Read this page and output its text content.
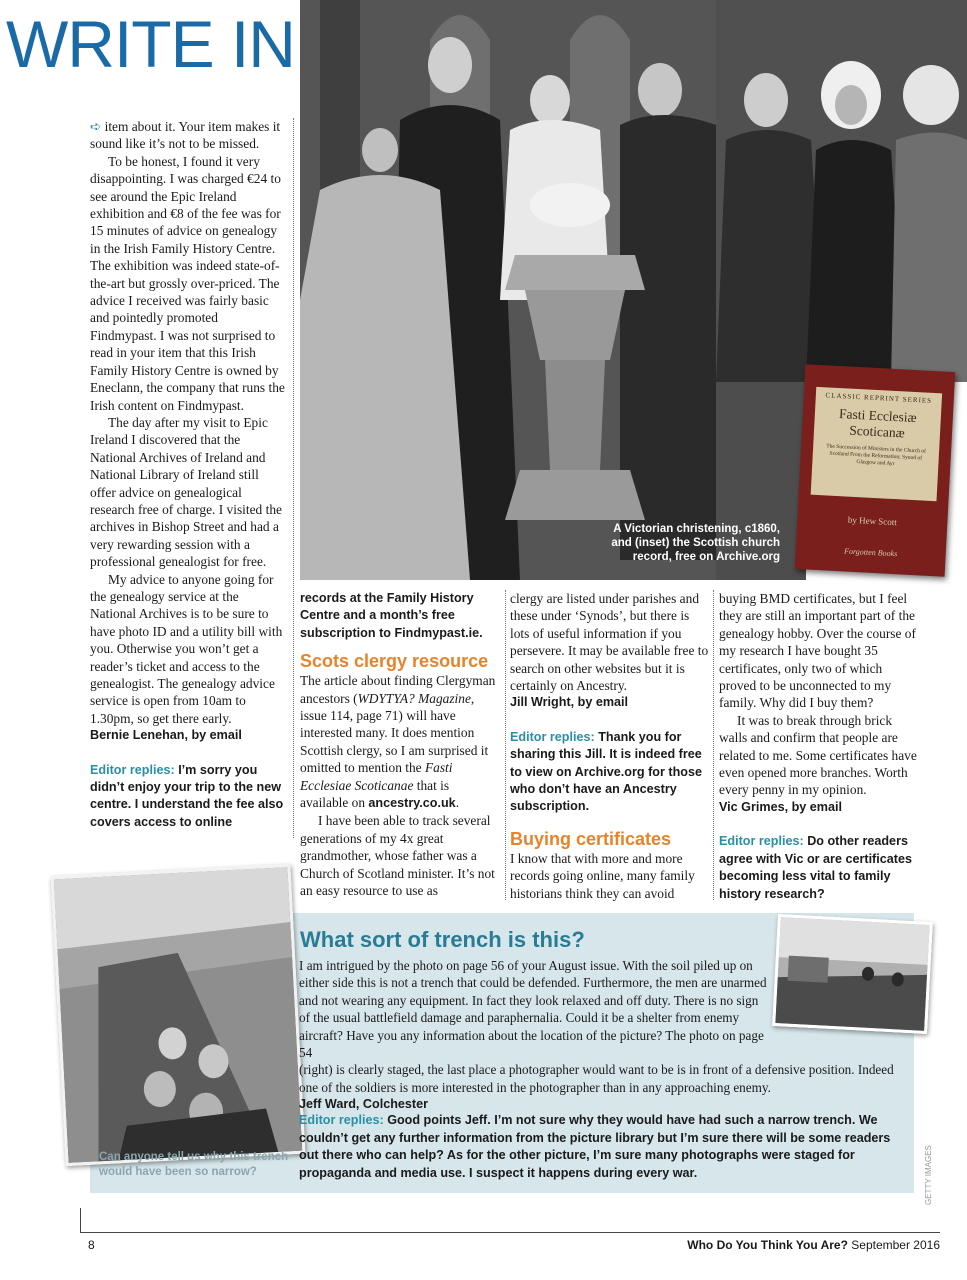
WRITE IN
A Victorian christening, c1860, and (inset) the Scottish church record, free on Archive.org
CLASSIC REPRINT SERIES
Fasti Ecclesiæ Scoticanæ
The Succession of Ministers in the Church of Scotland From the Reformation; Synod of Glasgow and Ayr
by Hew Scott
Forgotten Books

➪ item about it. Your item makes it sound like it’s not to be missed.

To be honest, I found it very disappointing. I was charged €24 to see around the Epic Ireland exhibition and €8 of the fee was for 15 minutes of advice on genealogy in the Irish Family History Centre. The exhibition was indeed state-of-the-art but grossly over-priced. The advice I received was fairly basic and pointedly promoted Findmypast. I was not surprised to read in your item that this Irish Family History Centre is owned by Eneclann, the company that runs the Irish content on Findmypast.

The day after my visit to Epic Ireland I discovered that the National Archives of Ireland and National Library of Ireland still offer advice on genealogical research free of charge. I visited the archives in Bishop Street and had a very rewarding session with a professional genealogist for free.

My advice to anyone going for the genealogy service at the National Archives is to be sure to have photo ID and a utility bill with you. Otherwise you won’t get a reader’s ticket and access to the genealogist. The genealogy advice service is open from 10am to 1.30pm, so get there early.

Bernie Lenehan, by email

Editor replies: I’m sorry you didn’t enjoy your trip to the new centre. I understand the fee also covers access to online

records at the Family History Centre and a month’s free subscription to Findmypast.ie.

Scots clergy resource

The article about finding Clergyman ancestors (WDYTYA? Magazine, issue 114, page 71) will have interested many. It does mention Scottish clergy, so I am surprised it omitted to mention the Fasti Ecclesiae Scoticanae that is available on ancestry.co.uk.

I have been able to track several generations of my 4x great grandmother, whose father was a Church of Scotland minister. It’s not an easy resource to use as

clergy are listed under parishes and these under ‘Synods’, but there is lots of useful information if you persevere. It may be available free to search on other websites but it is certainly on Ancestry.

Jill Wright, by email

Editor replies: Thank you for sharing this Jill. It is indeed free to view on Archive.org for those who don’t have an Ancestry subscription.

Buying certificates

I know that with more and more records going online, many family historians think they can avoid

buying BMD certificates, but I feel they are still an important part of the genealogy hobby. Over the course of my research I have bought 35 certificates, only two of which proved to be unconnected to my family. Why did I buy them?

It was to break through brick walls and confirm that people are related to me. Some certificates have even opened more branches. Worth every penny in my opinion.

Vic Grimes, by email

Editor replies: Do other readers agree with Vic or are certificates becoming less vital to family history research?

Can anyone tell us why this trench would have been so narrow?
What sort of trench is this?

I am intrigued by the photo on page 56 of your August issue. With the soil piled up on either side this is not a trench that could be defended. Furthermore, the men are unarmed and not wearing any equipment. In fact they look relaxed and off duty. There is no sign of the usual battlefield damage and paraphernalia. Could it be a shelter from enemy aircraft? Have you any information about the location of the picture? The photo on page 54

(right) is clearly staged, the last place a photographer would want to be is in front of a defensive position. Indeed one of the soldiers is more interested in the photographer than in any approaching enemy.

Jeff Ward, Colchester

Editor replies: Good points Jeff. I’m not sure why they would have had such a narrow trench. We couldn’t get any further information from the picture library but I’m sure there will be some readers out there who can help? As for the other picture, I’m sure many photographs were staged for propaganda and media use. I suspect it happens during every war.	GETTY IMAGES
8	Who Do You Think You Are? September 2016
